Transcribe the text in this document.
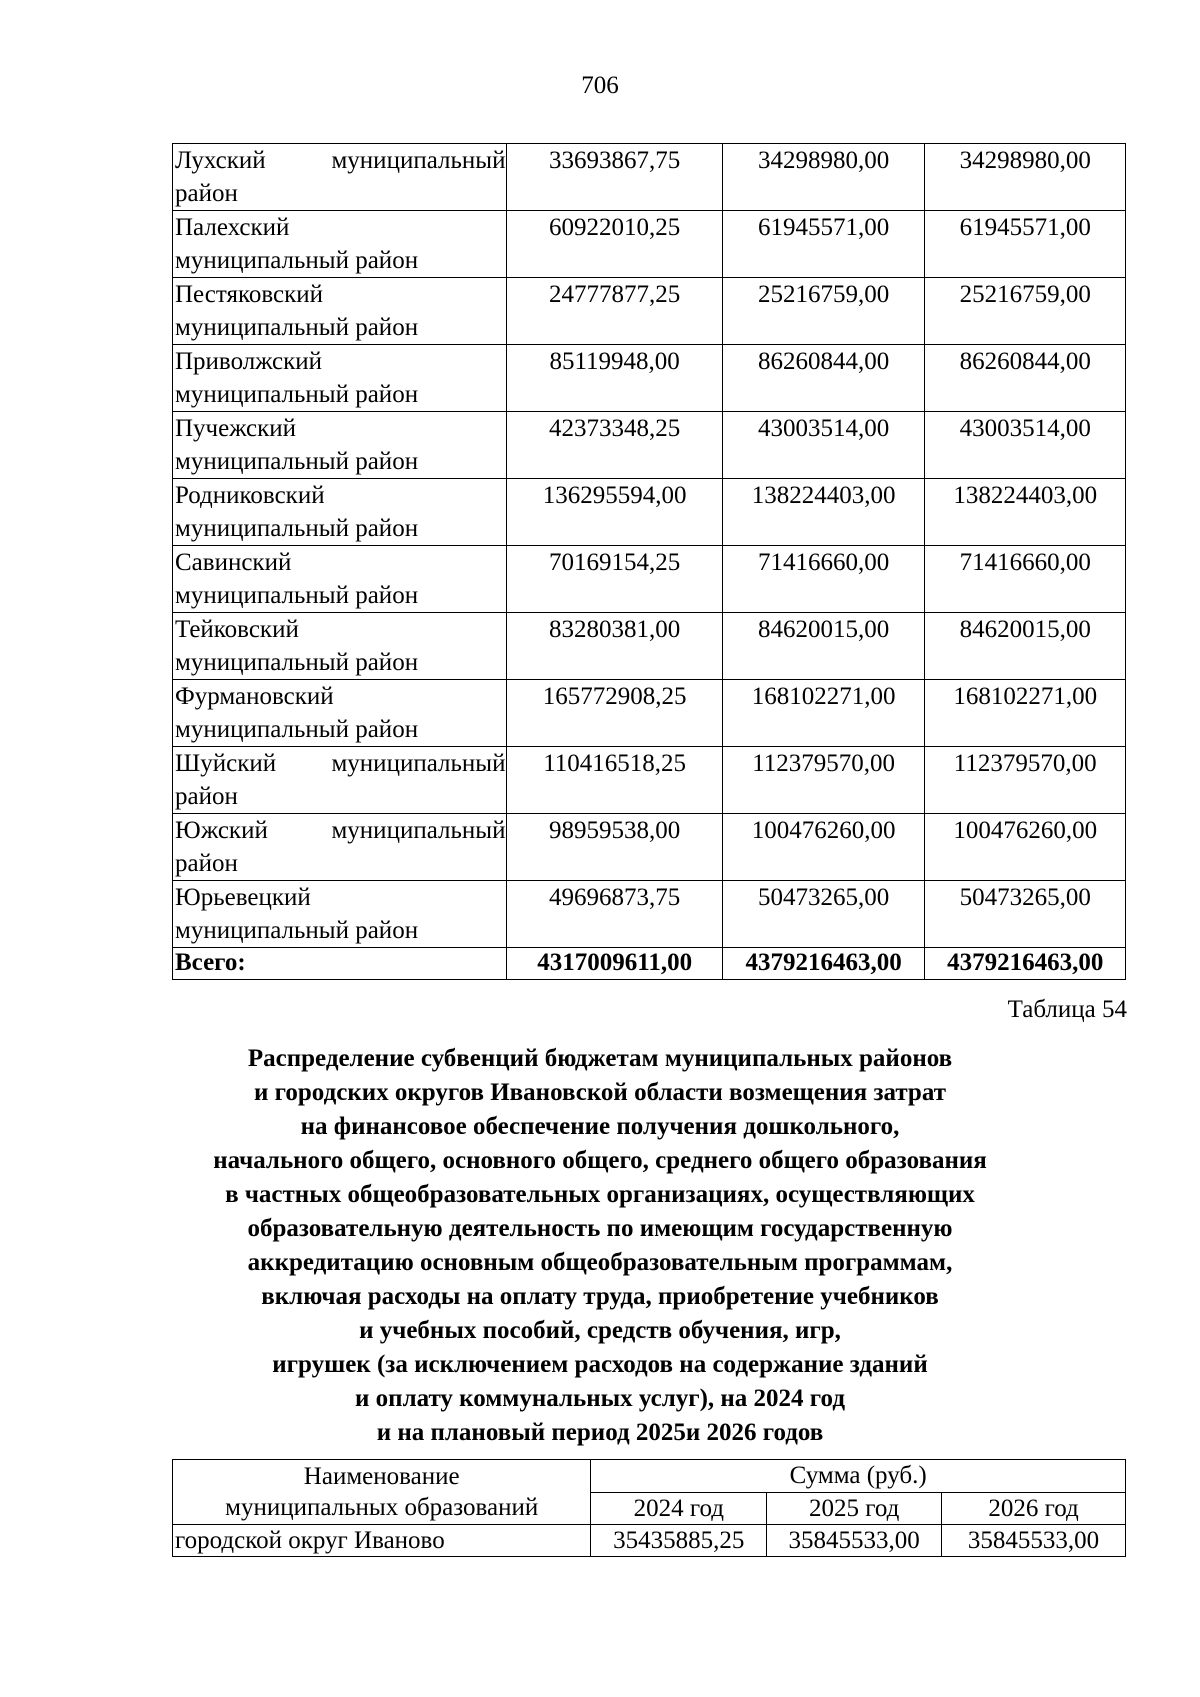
706
Лухский муниципальный
район	33693867,75	34298980,00	34298980,00

Палехский
муниципальный район	60922010,25	61945571,00	61945571,00

Пестяковский
муниципальный район	24777877,25	25216759,00	25216759,00

Приволжский
муниципальный район	85119948,00	86260844,00	86260844,00

Пучежский
муниципальный район	42373348,25	43003514,00	43003514,00

Родниковский
муниципальный район	136295594,00	138224403,00	138224403,00

Савинский
муниципальный район	70169154,25	71416660,00	71416660,00

Тейковский
муниципальный район	83280381,00	84620015,00	84620015,00

Фурмановский
муниципальный район	165772908,25	168102271,00	168102271,00

Шуйский муниципальный
район	110416518,25	112379570,00	112379570,00

Южский муниципальный
район	98959538,00	100476260,00	100476260,00

Юрьевецкий
муниципальный район	49696873,75	50473265,00	50473265,00
Всего:	4317009611,00	4379216463,00	4379216463,00
Таблица 54
Распределение субвенций бюджетам муниципальных районов
и городских округов Ивановской области возмещения затрат
на финансовое обеспечение получения дошкольного,
начального общего, основного общего, среднего общего образования
в частных общеобразовательных организациях, осуществляющих
образовательную деятельность по имеющим государственную
аккредитацию основным общеобразовательным программам,
включая расходы на оплату труда, приобретение учебников
и учебных пособий, средств обучения, игр,
игрушек (за исключением расходов на содержание зданий
и оплату коммунальных услуг), на 2024 год
и на плановый период 2025и 2026 годов
Наименование
муниципальных образований	Сумма (руб.)		
	2024 год	2025 год	2026 год
городской округ Иваново	35435885,25	35845533,00	35845533,00
